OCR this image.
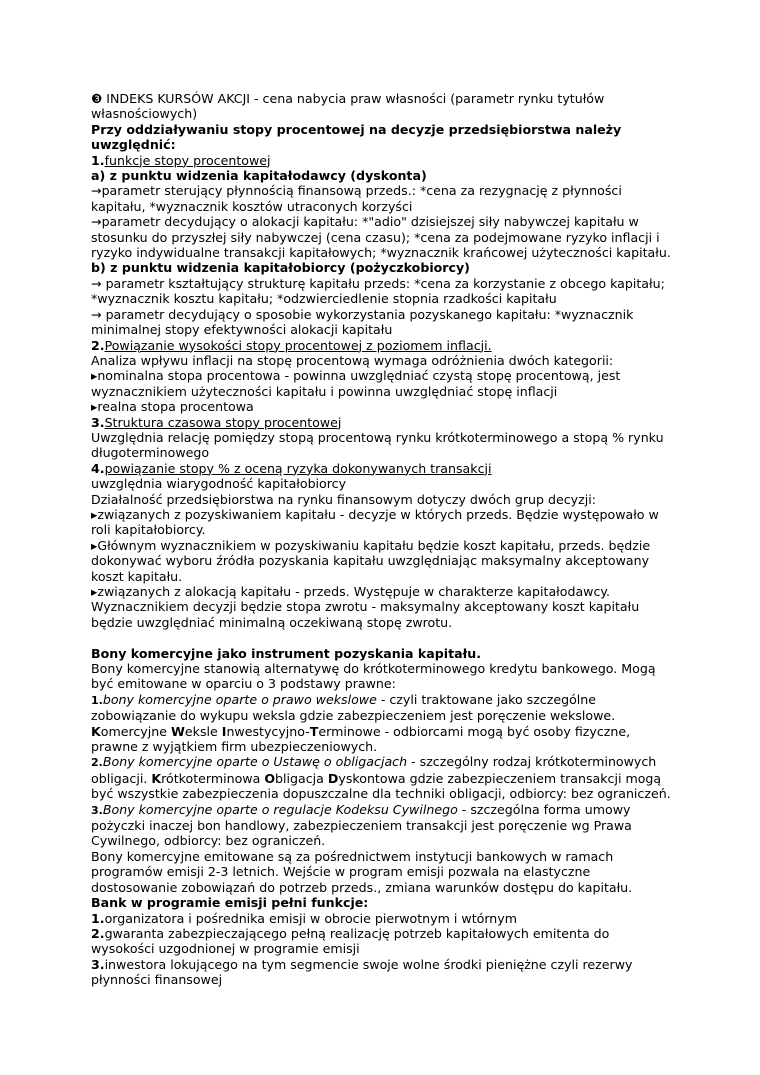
❸ INDEKS KURSÓW AKCJI - cena nabycia praw własności (parametr rynku tytułów własnościowych)

Przy oddziaływaniu stopy procentowej na decyzje przedsiębiorstwa należy uwzględnić:

1.funkcje stopy procentowej

a) z punktu widzenia kapitałodawcy (dyskonta)

→parametr sterujący płynnością finansową przeds.: *cena za rezygnację z płynności kapitału, *wyznacznik kosztów utraconych korzyści

→parametr decydujący o alokacji kapitału: *"adio" dzisiejszej siły nabywczej kapitału w stosunku do przyszłej siły nabywczej (cena czasu); *cena za podejmowane ryzyko inflacji i ryzyko indywidualne transakcji kapitałowych; *wyznacznik krańcowej użyteczności kapitału.

b) z punktu widzenia kapitałobiorcy (pożyczkobiorcy)

→ parametr kształtujący strukturę kapitału przeds: *cena za korzystanie z obcego kapitału; *wyznacznik kosztu kapitału; *odzwierciedlenie stopnia rzadkości kapitału

→ parametr decydujący o sposobie wykorzystania pozyskanego kapitału: *wyznacznik minimalnej stopy efektywności alokacji kapitału

2.Powiązanie wysokości stopy procentowej z poziomem inflacji.

Analiza wpływu inflacji na stopę procentową wymaga odróżnienia dwóch kategorii:

▸nominalna stopa procentowa - powinna uwzględniać czystą stopę procentową, jest wyznacznikiem użyteczności kapitału i powinna uwzględniać stopę inflacji

▸realna stopa procentowa

3.Struktura czasowa stopy procentowej

Uwzględnia relację pomiędzy stopą procentową rynku krótkoterminowego a stopą % rynku długoterminowego

4.powiązanie stopy % z oceną ryzyka dokonywanych transakcji

uwzględnia wiarygodność kapitałobiorcy

Działalność przedsiębiorstwa na rynku finansowym dotyczy dwóch grup decyzji:

▸związanych z pozyskiwaniem kapitału - decyzje w których przeds. Będzie występowało w roli kapitałobiorcy.

▸Głównym wyznacznikiem w pozyskiwaniu kapitału będzie koszt kapitału, przeds. będzie dokonywać wyboru źródła pozyskania kapitału uwzględniając maksymalny akceptowany koszt kapitału.

▸związanych z alokacją kapitału - przeds. Występuje w charakterze kapitałodawcy. Wyznacznikiem decyzji będzie stopa zwrotu - maksymalny akceptowany koszt kapitału będzie uwzględniać minimalną oczekiwaną stopę zwrotu.

Bony komercyjne jako instrument pozyskania kapitału.

Bony komercyjne stanowią alternatywę do krótkoterminowego kredytu bankowego. Mogą być emitowane w oparciu o 3 podstawy prawne:

1.bony komercyjne oparte o prawo wekslowe - czyli traktowane jako szczególne zobowiązanie do wykupu weksla gdzie zabezpieczeniem jest poręczenie wekslowe.

Komercyjne Weksle Inwestycyjno-Terminowe - odbiorcami mogą być osoby fizyczne, prawne z wyjątkiem firm ubezpieczeniowych.

2.Bony komercyjne oparte o Ustawę o obligacjach - szczególny rodzaj krótkoterminowych obligacji. Krótkoterminowa Obligacja Dyskontowa gdzie zabezpieczeniem transakcji mogą być wszystkie zabezpieczenia dopuszczalne dla techniki obligacji, odbiorcy: bez ograniczeń.

3.Bony komercyjne oparte o regulacje Kodeksu Cywilnego - szczególna forma umowy pożyczki inaczej bon handlowy, zabezpieczeniem transakcji jest poręczenie wg Prawa Cywilnego, odbiorcy: bez ograniczeń.

Bony komercyjne emitowane są za pośrednictwem instytucji bankowych w ramach programów emisji 2-3 letnich. Wejście w program emisji pozwala na elastyczne dostosowanie zobowiązań do potrzeb przeds., zmiana warunków dostępu do kapitału.

Bank w programie emisji pełni funkcje:

1.organizatora i pośrednika emisji w obrocie pierwotnym i wtórnym

2.gwaranta zabezpieczającego pełną realizację potrzeb kapitałowych emitenta do wysokości uzgodnionej w programie emisji

3.inwestora lokującego na tym segmencie swoje wolne środki pieniężne czyli rezerwy płynności finansowej
